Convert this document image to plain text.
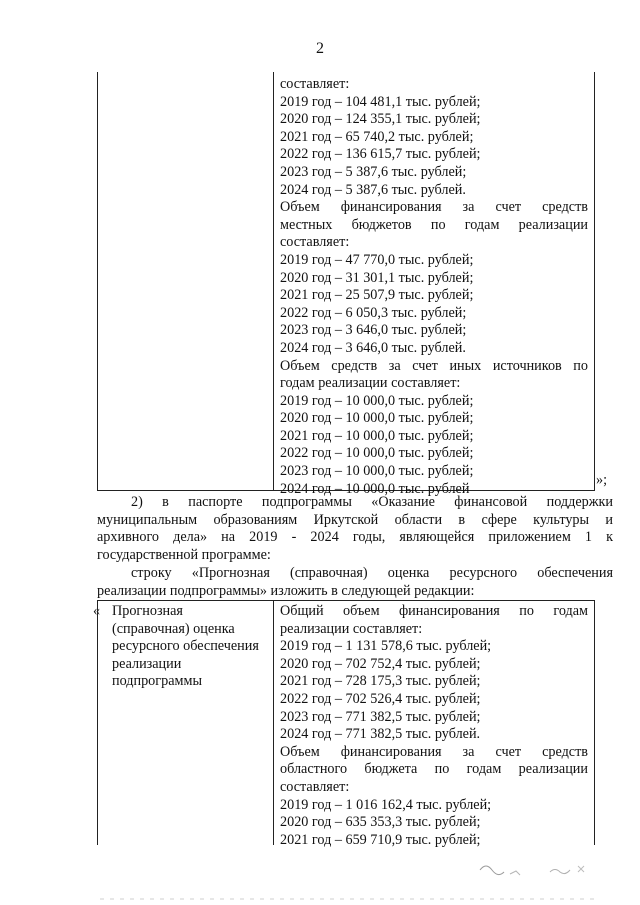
2
составляет:
2019 год – 104 481,1 тыс. рублей;
2020 год – 124 355,1 тыс. рублей;
2021 год – 65 740,2 тыс. рублей;
2022 год – 136 615,7 тыс. рублей;
2023 год – 5 387,6 тыс. рублей;
2024 год – 5 387,6 тыс. рублей.
Объем финансирования за счет средств
местных бюджетов по годам реализации
составляет:
2019 год – 47 770,0 тыс. рублей;
2020 год – 31 301,1 тыс. рублей;
2021 год – 25 507,9 тыс. рублей;
2022 год – 6 050,3 тыс. рублей;
2023 год – 3 646,0 тыс. рублей;
2024 год – 3 646,0 тыс. рублей.
Объем средств за счет иных источников по
годам реализации составляет:
2019 год – 10 000,0 тыс. рублей;
2020 год – 10 000,0 тыс. рублей;
2021 год – 10 000,0 тыс. рублей;
2022 год – 10 000,0 тыс. рублей;
2023 год – 10 000,0 тыс. рублей;
2024 год – 10 000,0 тыс. рублей
»;
2) в паспорте подпрограммы «Оказание финансовой поддержки
муниципальным образованиям Иркутской области в сфере культуры и
архивного дела» на 2019 - 2024 годы, являющейся приложением 1 к
государственной программе:
строку «Прогнозная (справочная) оценка ресурсного обеспечения
реализации подпрограммы» изложить в следующей редакции:
« Прогнозная
(справочная) оценка
ресурсного обеспечения
реализации
подпрограммы
Общий объем финансирования по годам
реализации составляет:
2019 год – 1 131 578,6 тыс. рублей;
2020 год – 702 752,4 тыс. рублей;
2021 год – 728 175,3 тыс. рублей;
2022 год – 702 526,4 тыс. рублей;
2023 год – 771 382,5 тыс. рублей;
2024 год – 771 382,5 тыс. рублей.
Объем финансирования за счет средств
областного бюджета по годам реализации
составляет:
2019 год – 1 016 162,4 тыс. рублей;
2020 год – 635 353,3 тыс. рублей;
2021 год – 659 710,9 тыс. рублей;
